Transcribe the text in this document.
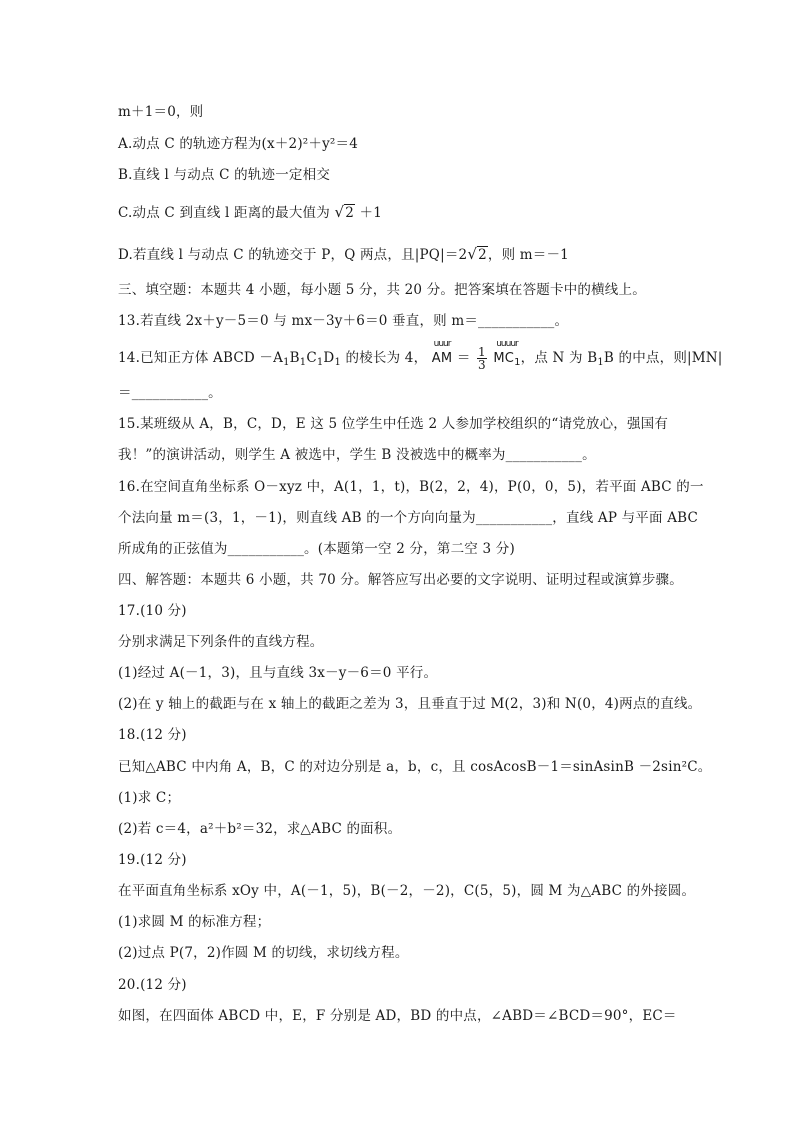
m＋1＝0，则
A.动点 C 的轨迹方程为(x＋2)²＋y²＝4
B.直线 l 与动点 C 的轨迹一定相交
C.动点 C 到直线 l 距离的最大值为 √2 ＋1
D.若直线 l 与动点 C 的轨迹交于 P，Q 两点，且|PQ|＝2√2，则 m＝－1
三、填空题：本题共 4 小题，每小题 5 分，共 20 分。把答案填在答题卡中的横线上。
13.若直线 2x＋y－5＝0 与 mx－3y＋6＝0 垂直，则 m＝___________。
14.已知正方体 ABCD $-A_1B_1C_1D_1$ 的棱长为 4，
uuur
AM ＝ $\frac{1}{3}$

uuuur
$MC_1$，点 N 为 $B_1B$ 的中点，则|MN|
＝___________。
15.某班级从 A，B，C，D，E 这 5 位学生中任选 2 人参加学校组织的“请党放心，强国有
我！”的演讲活动，则学生 A 被选中，学生 B 没被选中的概率为___________。
16.在空间直角坐标系 O－xyz 中，A(1，1，t)，B(2，2，4)，P(0，0，5)，若平面 ABC 的一
个法向量 m＝(3，1，－1)，则直线 AB 的一个方向向量为___________，直线 AP 与平面 ABC
所成角的正弦值为___________。(本题第一空 2 分，第二空 3 分)
四、解答题：本题共 6 小题，共 70 分。解答应写出必要的文字说明、证明过程或演算步骤。
17.(10 分)
分别求满足下列条件的直线方程。
(1)经过 A(－1，3)，且与直线 3x－y－6＝0 平行。
(2)在 y 轴上的截距与在 x 轴上的截距之差为 3，且垂直于过 M(2，3)和 N(0，4)两点的直线。
18.(12 分)
已知△ABC 中内角 A，B，C 的对边分别是 a，b，c，且 cosAcosB－1＝sinAsinB －2sin²C。
(1)求 C；
(2)若 c＝4，a²＋b²＝32，求△ABC 的面积。
19.(12 分)
在平面直角坐标系 xOy 中，A(－1，5)，B(－2，－2)，C(5，5)，圆 M 为△ABC 的外接圆。
(1)求圆 M 的标准方程；
(2)过点 P(7，2)作圆 M 的切线，求切线方程。
20.(12 分)
如图，在四面体 ABCD 中，E，F 分别是 AD，BD 的中点，∠ABD＝∠BCD＝90°，EC＝
